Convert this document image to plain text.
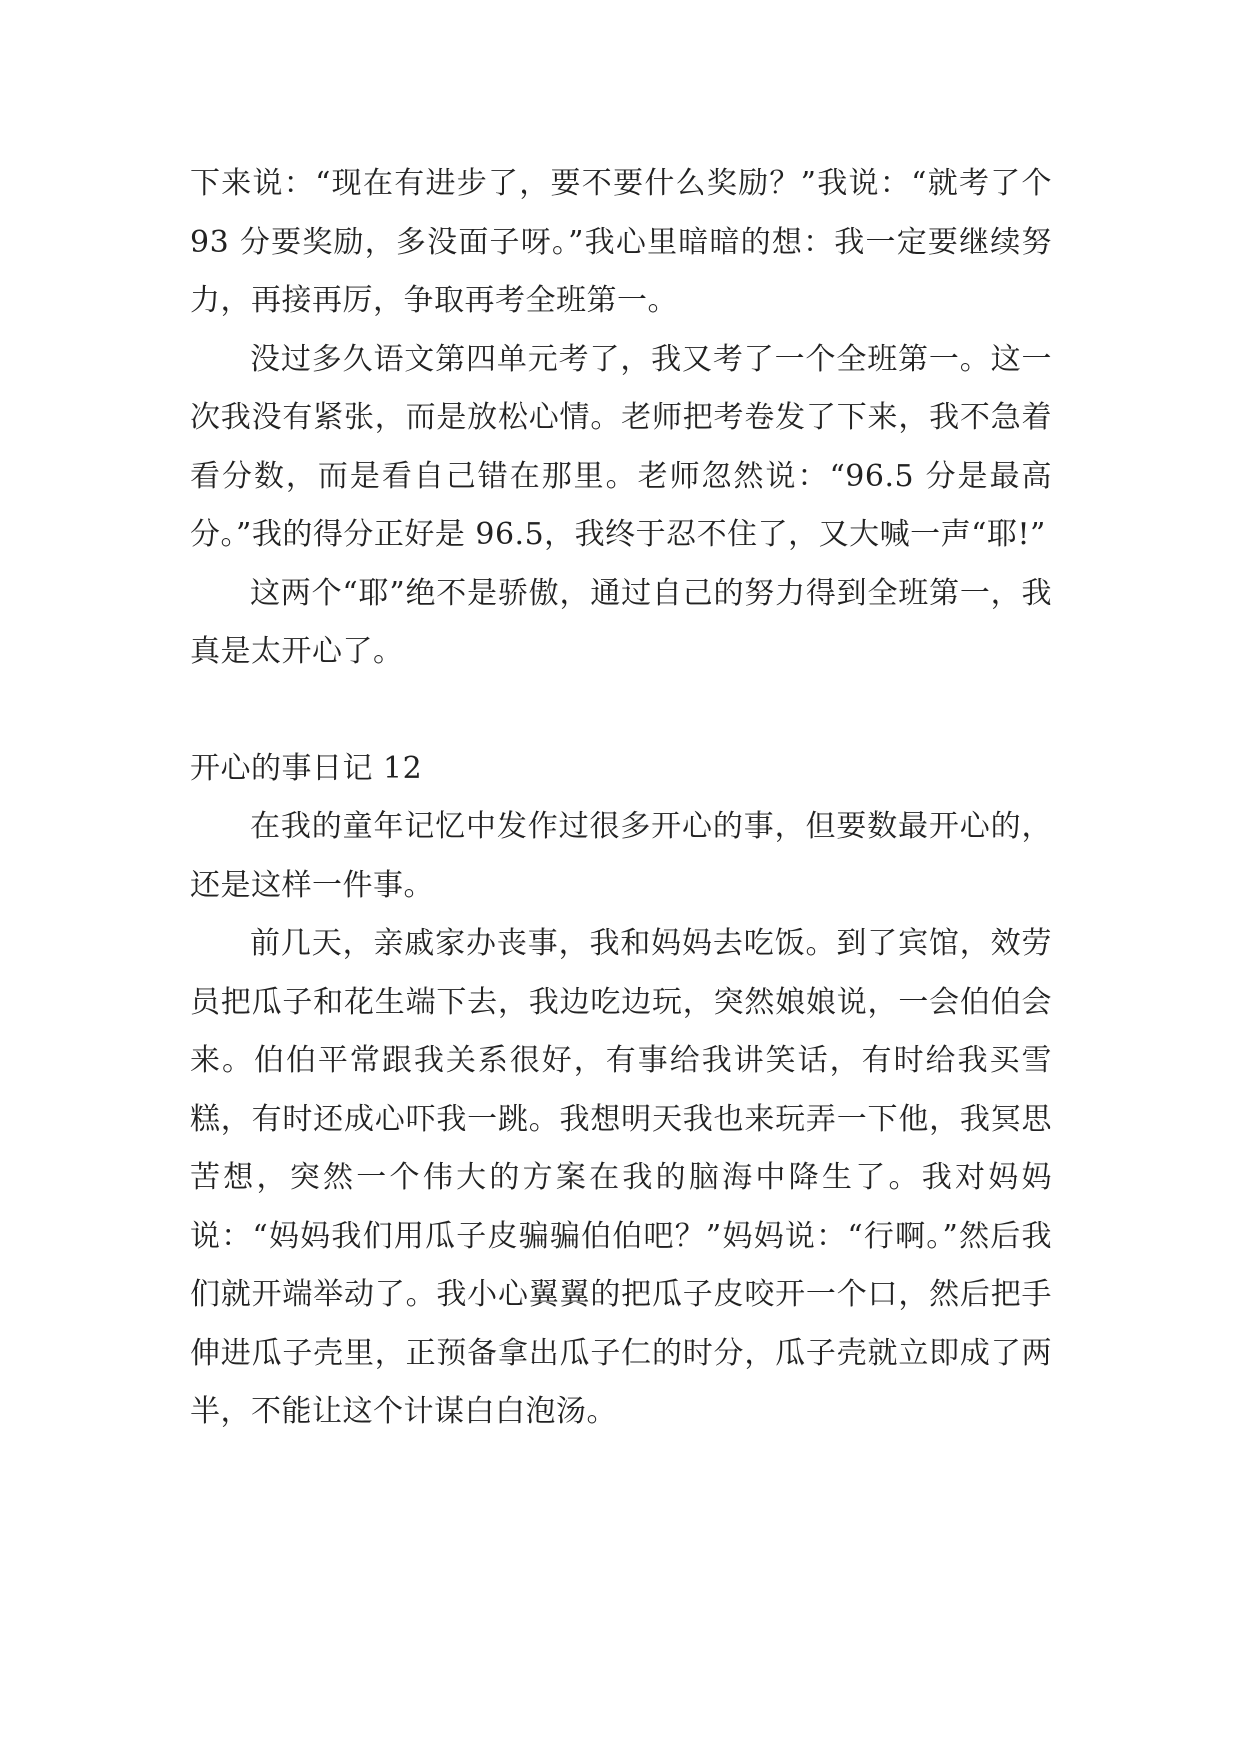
下来说：“现在有进步了，要不要什么奖励？”我说：“就考了个 93 分要奖励，多没面子呀。”我心里暗暗的想：我一定要继续努力，再接再厉，争取再考全班第一。

没过多久语文第四单元考了，我又考了一个全班第一。这一次我没有紧张，而是放松心情。老师把考卷发了下来，我不急着看分数，而是看自己错在那里。老师忽然说：“96.5 分是最高分。”我的得分正好是 96.5，我终于忍不住了，又大喊一声“耶!”

这两个“耶”绝不是骄傲，通过自己的努力得到全班第一，我真是太开心了。

开心的事日记 12

在我的童年记忆中发作过很多开心的事，但要数最开心的，还是这样一件事。

前几天，亲戚家办丧事，我和妈妈去吃饭。到了宾馆，效劳员把瓜子和花生端下去，我边吃边玩，突然娘娘说，一会伯伯会来。伯伯平常跟我关系很好，有事给我讲笑话，有时给我买雪糕，有时还成心吓我一跳。我想明天我也来玩弄一下他，我冥思苦想，突然一个伟大的方案在我的脑海中降生了。我对妈妈说：“妈妈我们用瓜子皮骗骗伯伯吧？”妈妈说：“行啊。”然后我们就开端举动了。我小心翼翼的把瓜子皮咬开一个口，然后把手伸进瓜子壳里，正预备拿出瓜子仁的时分，瓜子壳就立即成了两半，不能让这个计谋白白泡汤。
